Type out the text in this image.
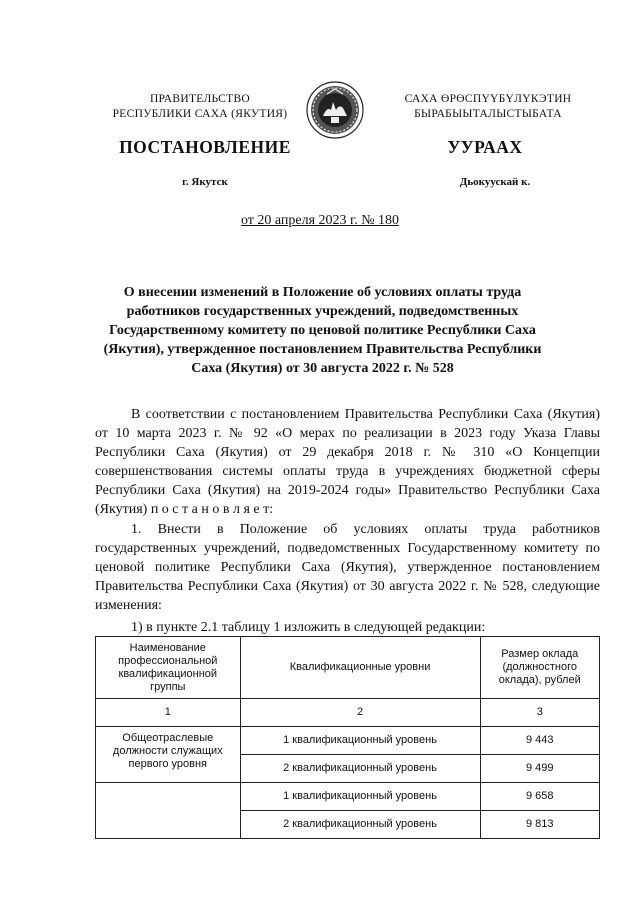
ПРАВИТЕЛЬСТВО
РЕСПУБЛИКИ САХА (ЯКУТИЯ)
САХА ӨРӨСПҮҮБҮЛҮКЭТИН
БЫРАБЫЫТАЛЫСТЫБАТА
ПОСТАНОВЛЕНИЕ	УУРААХ
г. Якутск	Дьокуускай к.
от 20 апреля 2023 г. № 180
О внесении изменений в Положение об условиях оплаты труда работников государственных учреждений, подведомственных Государственному комитету по ценовой политике Республики Саха (Якутия), утвержденное постановлением Правительства Республики Саха (Якутия) от 30 августа 2022 г. № 528
В соответствии с постановлением Правительства Республики Саха (Якутия) от 10 марта 2023 г. № 92 «О мерах по реализации в 2023 году Указа Главы Республики Саха (Якутия) от 29 декабря 2018 г. № 310 «О Концепции совершенствования системы оплаты труда в учреждениях бюджетной сферы Республики Саха (Якутия) на 2019-2024 годы» Правительство Республики Саха (Якутия) п о с т а н о в л я е т:
1. Внести в Положение об условиях оплаты труда работников государственных учреждений, подведомственных Государственному комитету по ценовой политике Республики Саха (Якутия), утвержденное постановлением Правительства Республики Саха (Якутия) от 30 августа 2022 г. № 528, следующие изменения:
1) в пункте 2.1 таблицу 1 изложить в следующей редакции:
Наименование профессиональной квалификационной группы	Квалификационные уровни	Размер оклада (должностного оклада), рублей
1	2	3
Общеотраслевые должности служащих первого уровня	1 квалификационный уровень	9 443
	2 квалификационный уровень	9 499
	1 квалификационный уровень	9 658
	2 квалификационный уровень	9 813
